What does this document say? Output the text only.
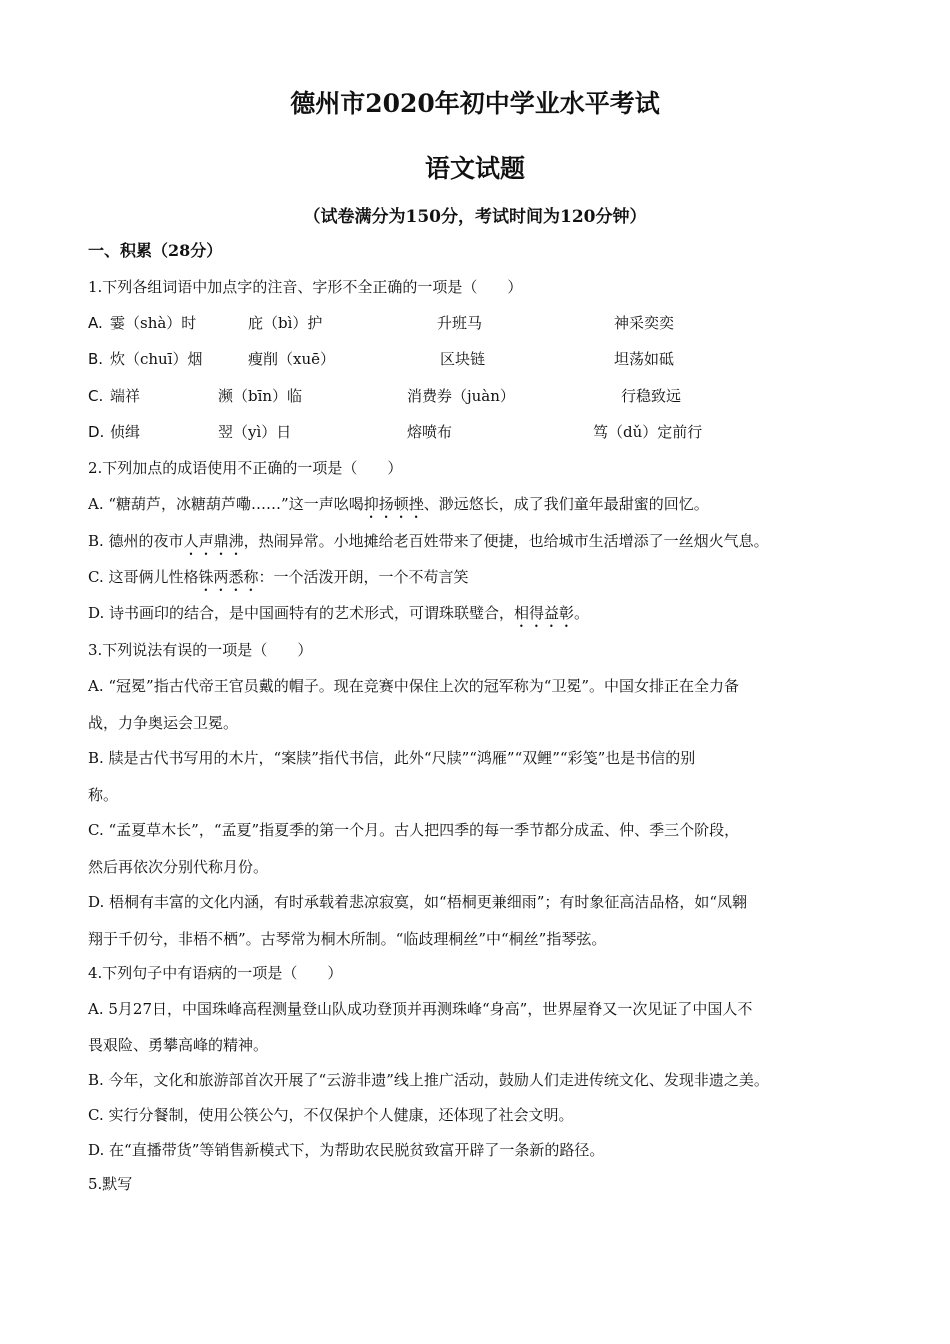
德州市2020年初中学业水平考试
语文试题
（试卷满分为150分，考试时间为120分钟）
一、积累（28分）
1.下列各组词语中加点字的注音、字形不全正确的一项是（　　）
A. 霎（shà）时	庇（bì）护	升班马	神采奕奕
B. 炊（chuī）烟	瘦削（xuē）	区块链	坦荡如砥
C. 端祥	濒（bīn）临	消费券（juàn）	行稳致远
D. 侦缉	翌（yì）日	熔喷布	笃（dǔ）定前行
2.下列加点的成语使用不正确的一项是（　　）
A. “糖葫芦，冰糖葫芦嘞……”这一声吆喝抑扬顿挫、渺远悠长，成了我们童年最甜蜜的回忆。
B. 德州的夜市人声鼎沸，热闹异常。小地摊给老百姓带来了便捷，也给城市生活增添了一丝烟火气息。
C. 这哥俩儿性格铢两悉称：一个活泼开朗，一个不苟言笑
D. 诗书画印的结合，是中国画特有的艺术形式，可谓珠联璧合，相得益彰。
3.下列说法有误的一项是（　　）
A. “冠冕”指古代帝王官员戴的帽子。现在竞赛中保住上次的冠军称为“卫冕”。中国女排正在全力备
战，力争奥运会卫冕。
B. 牍是古代书写用的木片，“案牍”指代书信，此外“尺牍”“鸿雁”“双鲤”“彩笺”也是书信的别
称。
C. “孟夏草木长”，“孟夏”指夏季的第一个月。古人把四季的每一季节都分成孟、仲、季三个阶段，
然后再依次分别代称月份。
D. 梧桐有丰富的文化内涵，有时承载着悲凉寂寞，如“梧桐更兼细雨”；有时象征高洁品格，如“凤翱
翔于千仞兮，非梧不栖”。古琴常为桐木所制。“临歧理桐丝”中“桐丝”指琴弦。
4.下列句子中有语病的一项是（　　）
A. 5月27日，中国珠峰高程测量登山队成功登顶并再测珠峰“身高”，世界屋脊又一次见证了中国人不
畏艰险、勇攀高峰的精神。
B. 今年，文化和旅游部首次开展了“云游非遗”线上推广活动，鼓励人们走进传统文化、发现非遗之美。
C. 实行分餐制，使用公筷公勺，不仅保护个人健康，还体现了社会文明。
D. 在“直播带货”等销售新模式下，为帮助农民脱贫致富开辟了一条新的路径。
5.默写
